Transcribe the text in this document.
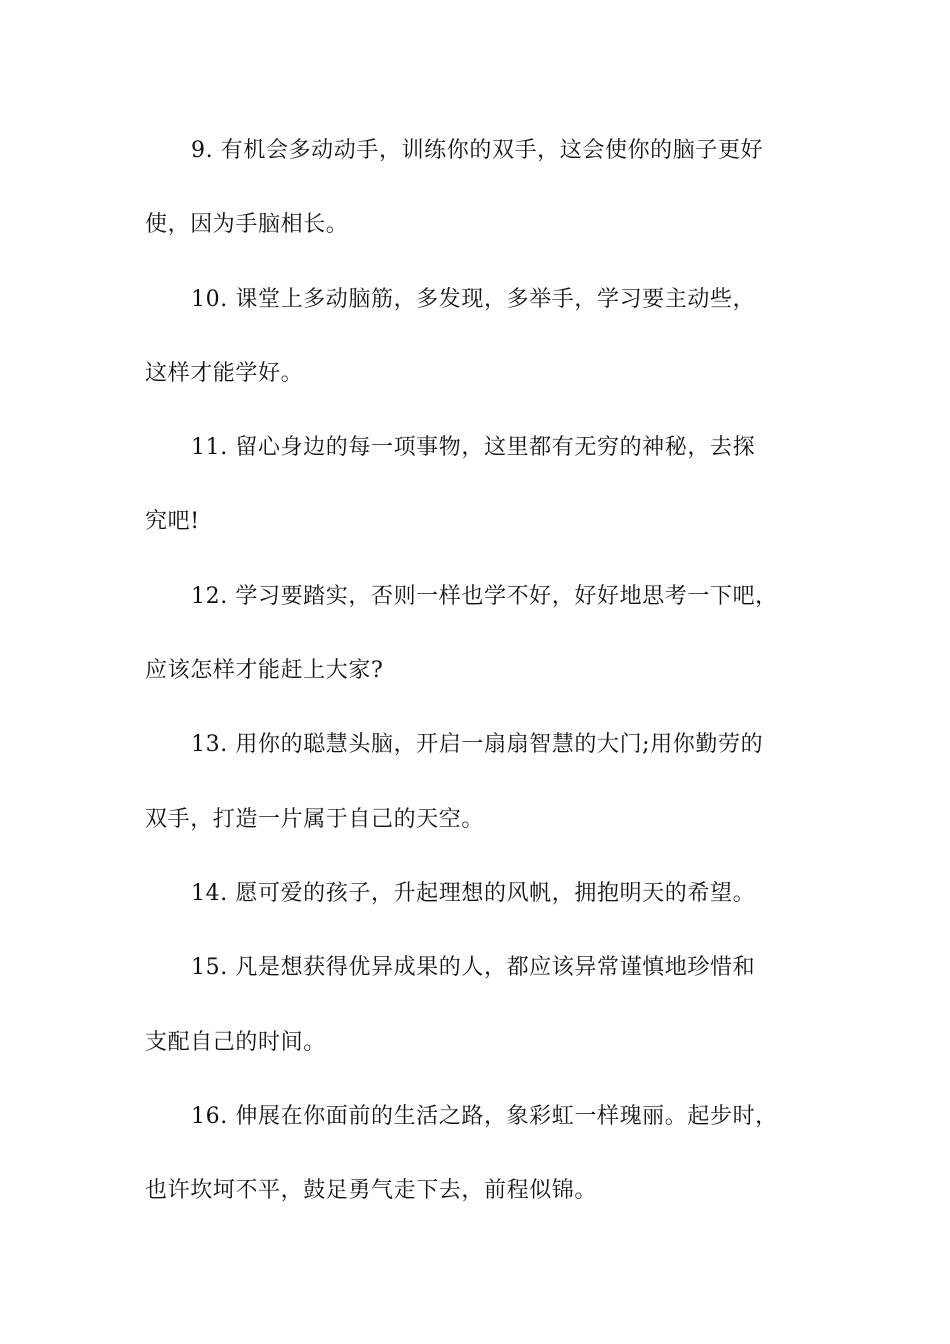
9. 有机会多动动手，训练你的双手，这会使你的脑子更好
使，因为手脑相长。
10. 课堂上多动脑筋，多发现，多举手，学习要主动些，
这样才能学好。
11. 留心身边的每一项事物，这里都有无穷的神秘，去探
究吧!
12. 学习要踏实，否则一样也学不好，好好地思考一下吧，
应该怎样才能赶上大家?
13. 用你的聪慧头脑，开启一扇扇智慧的大门;用你勤劳的
双手，打造一片属于自己的天空。
14. 愿可爱的孩子，升起理想的风帆，拥抱明天的希望。
15. 凡是想获得优异成果的人，都应该异常谨慎地珍惜和
支配自己的时间。
16. 伸展在你面前的生活之路，象彩虹一样瑰丽。起步时，
也许坎坷不平，鼓足勇气走下去，前程似锦。
